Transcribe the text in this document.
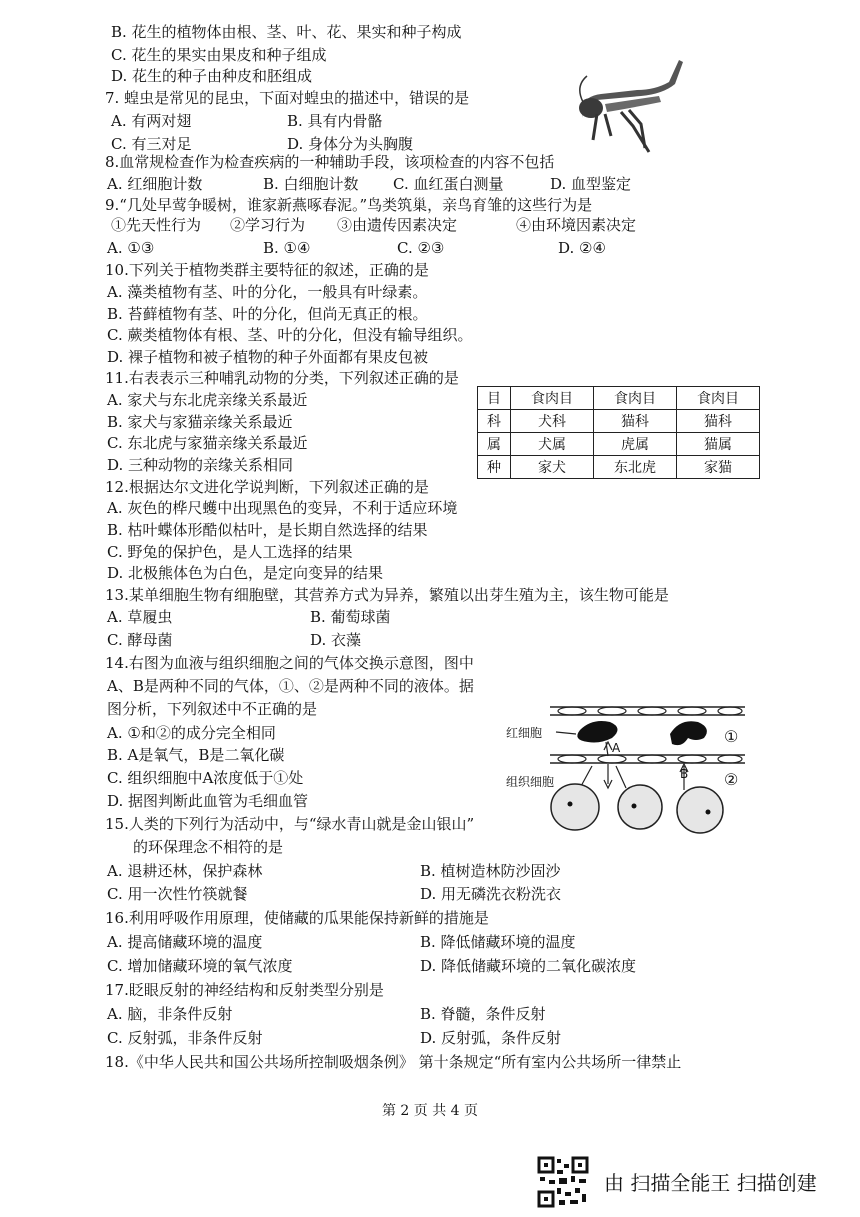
B. 花生的植物体由根、茎、叶、花、果实和种子构成
C. 花生的果实由果皮和种子组成
D. 花生的种子由种皮和胚组成
7. 蝗虫是常见的昆虫，下面对蝗虫的描述中，错误的是
A. 有两对翅	B. 具有内骨骼
C. 有三对足	D. 身体分为头胸腹
8.血常规检查作为检查疾病的一种辅助手段，该项检查的内容不包括
A. 红细胞计数	B. 白细胞计数 C. 血红蛋白测量	D. 血型鉴定
9.“几处早莺争暖树，谁家新燕啄春泥。”鸟类筑巢，亲鸟育雏的这些行为是
①先天性行为 ②学习行为 ③由遗传因素决定	④由环境因素决定
A. ①③	B. ①④	C. ②③	D. ②④
10.下列关于植物类群主要特征的叙述，正确的是
A. 藻类植物有茎、叶的分化，一般具有叶绿素。
B. 苔藓植物有茎、叶的分化，但尚无真正的根。
C. 蕨类植物体有根、茎、叶的分化，但没有输导组织。
D. 裸子植物和被子植物的种子外面都有果皮包被
11.右表表示三种哺乳动物的分类，下列叙述正确的是
A. 家犬与东北虎亲缘关系最近
B. 家犬与家猫亲缘关系最近
C. 东北虎与家猫亲缘关系最近
D. 三种动物的亲缘关系相同
目	食肉目	食肉目	食肉目
科	犬科	猫科	猫科
属	犬属	虎属	猫属
种	家犬	东北虎	家猫
12.根据达尔文进化学说判断，下列叙述正确的是
A. 灰色的桦尺蠖中出现黑色的变异，不利于适应环境
B. 枯叶蝶体形酷似枯叶，是长期自然选择的结果
C. 野兔的保护色，是人工选择的结果
D. 北极熊体色为白色，是定向变异的结果
13.某单细胞生物有细胞壁，其营养方式为异养，繁殖以出芽生殖为主，该生物可能是
A. 草履虫	B. 葡萄球菌
C. 酵母菌	D. 衣藻
14.右图为血液与组织细胞之间的气体交换示意图，图中
A、B是两种不同的气体，①、②是两种不同的液体。据
图分析，下列叙述中不正确的是
A. ①和②的成分完全相同
B. A是氧气，B是二氧化碳
C. 组织细胞中A浓度低于①处
D. 据图判断此血管为毛细血管
15.人类的下列行为活动中，与“绿水青山就是金山银山”
的环保理念不相符的是
A. 退耕还林，保护森林	B. 植树造林防沙固沙
C. 用一次性竹筷就餐	D. 用无磷洗衣粉洗衣
16.利用呼吸作用原理，使储藏的瓜果能保持新鲜的措施是
A. 提高储藏环境的温度	B. 降低储藏环境的温度
C. 增加储藏环境的氧气浓度	D. 降低储藏环境的二氧化碳浓度
17.眨眼反射的神经结构和反射类型分别是
A. 脑，非条件反射	B. 脊髓，条件反射
C. 反射弧，非条件反射	D. 反射弧，条件反射
18.《中华人民共和国公共场所控制吸烟条例》 第十条规定“所有室内公共场所一律禁止
红细胞
组织细胞
A
B
①
②
第 2 页 共 4 页
由 扫描全能王 扫描创建
